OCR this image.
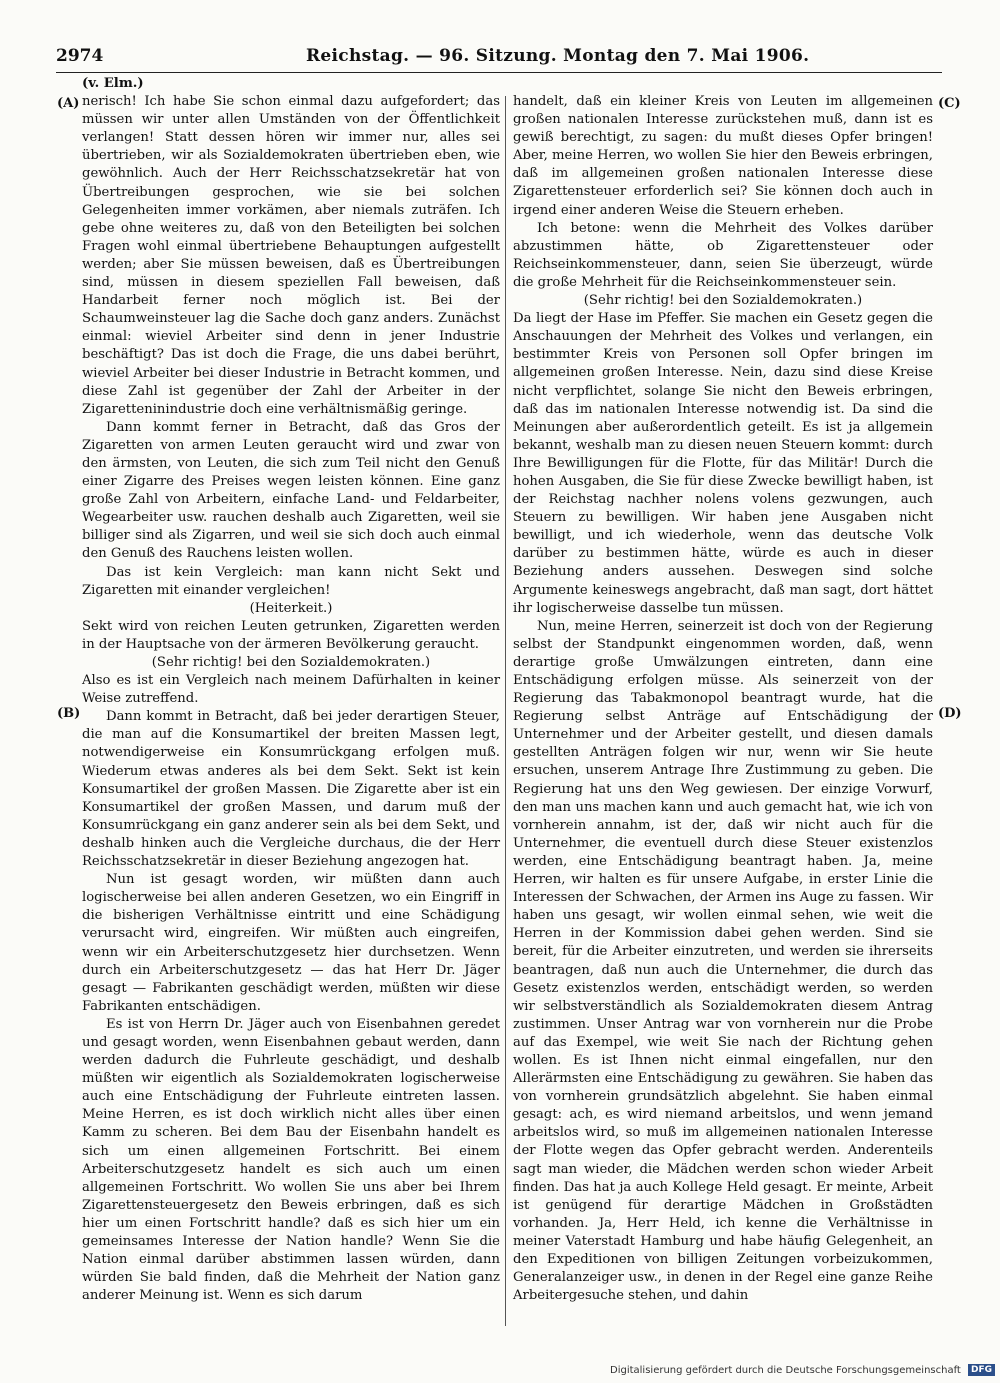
2974	Reichstag. — 96. Sitzung. Montag den 7. Mai 1906.
(A)
(B)
(C)
(D)

(v. Elm.)

nerisch! Ich habe Sie schon einmal dazu aufgefordert; das müssen wir unter allen Umständen von der Öffentlichkeit verlangen! Statt dessen hören wir immer nur, alles sei übertrieben, wir als Sozialdemokraten übertrieben eben, wie gewöhnlich. Auch der Herr Reichsschatzsekretär hat von Übertreibungen gesprochen, wie sie bei solchen Gelegenheiten immer vorkämen, aber niemals zuträfen. Ich gebe ohne weiteres zu, daß von den Beteiligten bei solchen Fragen wohl einmal übertriebene Behauptungen aufgestellt werden; aber Sie müssen beweisen, daß es Übertreibungen sind, müssen in diesem speziellen Fall beweisen, daß Handarbeit ferner noch möglich ist. Bei der Schaumweinsteuer lag die Sache doch ganz anders. Zunächst einmal: wieviel Arbeiter sind denn in jener Industrie beschäftigt? Das ist doch die Frage, die uns dabei berührt, wieviel Arbeiter bei dieser Industrie in Betracht kommen, und diese Zahl ist gegenüber der Zahl der Arbeiter in der Zigaretteninindustrie doch eine verhältnismäßig geringe.

Dann kommt ferner in Betracht, daß das Gros der Zigaretten von armen Leuten geraucht wird und zwar von den ärmsten, von Leuten, die sich zum Teil nicht den Genuß einer Zigarre des Preises wegen leisten können. Eine ganz große Zahl von Arbeitern, einfache Land- und Feldarbeiter, Wegearbeiter usw. rauchen deshalb auch Zigaretten, weil sie billiger sind als Zigarren, und weil sie sich doch auch einmal den Genuß des Rauchens leisten wollen.

Das ist kein Vergleich: man kann nicht Sekt und Zigaretten mit einander vergleichen!

(Heiterkeit.)

Sekt wird von reichen Leuten getrunken, Zigaretten werden in der Hauptsache von der ärmeren Bevölkerung geraucht.

(Sehr richtig! bei den Sozialdemokraten.)

Also es ist ein Vergleich nach meinem Dafürhalten in keiner Weise zutreffend.

Dann kommt in Betracht, daß bei jeder derartigen Steuer, die man auf die Konsumartikel der breiten Massen legt, notwendigerweise ein Konsumrückgang erfolgen muß. Wiederum etwas anderes als bei dem Sekt. Sekt ist kein Konsumartikel der großen Massen. Die Zigarette aber ist ein Konsumartikel der großen Massen, und darum muß der Konsumrückgang ein ganz anderer sein als bei dem Sekt, und deshalb hinken auch die Vergleiche durchaus, die der Herr Reichsschatzsekretär in dieser Beziehung angezogen hat.

Nun ist gesagt worden, wir müßten dann auch logischerweise bei allen anderen Gesetzen, wo ein Eingriff in die bisherigen Verhältnisse eintritt und eine Schädigung verursacht wird, eingreifen. Wir müßten auch eingreifen, wenn wir ein Arbeiterschutzgesetz hier durchsetzen. Wenn durch ein Arbeiterschutzgesetz — das hat Herr Dr. Jäger gesagt — Fabrikanten geschädigt werden, müßten wir diese Fabrikanten entschädigen.

Es ist von Herrn Dr. Jäger auch von Eisenbahnen geredet und gesagt worden, wenn Eisenbahnen gebaut werden, dann werden dadurch die Fuhrleute geschädigt, und deshalb müßten wir eigentlich als Sozialdemokraten logischerweise auch eine Entschädigung der Fuhrleute eintreten lassen. Meine Herren, es ist doch wirklich nicht alles über einen Kamm zu scheren. Bei dem Bau der Eisenbahn handelt es sich um einen allgemeinen Fortschritt. Bei einem Arbeiterschutzgesetz handelt es sich auch um einen allgemeinen Fortschritt. Wo wollen Sie uns aber bei Ihrem Zigarettensteuergesetz den Beweis erbringen, daß es sich hier um einen Fortschritt handle? daß es sich hier um ein gemeinsames Interesse der Nation handle? Wenn Sie die Nation einmal darüber abstimmen lassen würden, dann würden Sie bald finden, daß die Mehrheit der Nation ganz anderer Meinung ist. Wenn es sich darum

handelt, daß ein kleiner Kreis von Leuten im allgemeinen großen nationalen Interesse zurückstehen muß, dann ist es gewiß berechtigt, zu sagen: du mußt dieses Opfer bringen! Aber, meine Herren, wo wollen Sie hier den Beweis erbringen, daß im allgemeinen großen nationalen Interesse diese Zigarettensteuer erforderlich sei? Sie können doch auch in irgend einer anderen Weise die Steuern erheben.

Ich betone: wenn die Mehrheit des Volkes darüber abzustimmen hätte, ob Zigarettensteuer oder Reichseinkommensteuer, dann, seien Sie überzeugt, würde die große Mehrheit für die Reichseinkommensteuer sein.

(Sehr richtig! bei den Sozialdemokraten.)

Da liegt der Hase im Pfeffer. Sie machen ein Gesetz gegen die Anschauungen der Mehrheit des Volkes und verlangen, ein bestimmter Kreis von Personen soll Opfer bringen im allgemeinen großen Interesse. Nein, dazu sind diese Kreise nicht verpflichtet, solange Sie nicht den Beweis erbringen, daß das im nationalen Interesse notwendig ist. Da sind die Meinungen aber außerordentlich geteilt. Es ist ja allgemein bekannt, weshalb man zu diesen neuen Steuern kommt: durch Ihre Bewilligungen für die Flotte, für das Militär! Durch die hohen Ausgaben, die Sie für diese Zwecke bewilligt haben, ist der Reichstag nachher nolens volens gezwungen, auch Steuern zu bewilligen. Wir haben jene Ausgaben nicht bewilligt, und ich wiederhole, wenn das deutsche Volk darüber zu bestimmen hätte, würde es auch in dieser Beziehung anders aussehen. Deswegen sind solche Argumente keineswegs angebracht, daß man sagt, dort hättet ihr logischerweise dasselbe tun müssen.

Nun, meine Herren, seinerzeit ist doch von der Regierung selbst der Standpunkt eingenommen worden, daß, wenn derartige große Umwälzungen eintreten, dann eine Entschädigung erfolgen müsse. Als seinerzeit von der Regierung das Tabakmonopol beantragt wurde, hat die Regierung selbst Anträge auf Entschädigung der Unternehmer und der Arbeiter gestellt, und diesen damals gestellten Anträgen folgen wir nur, wenn wir Sie heute ersuchen, unserem Antrage Ihre Zustimmung zu geben. Die Regierung hat uns den Weg gewiesen. Der einzige Vorwurf, den man uns machen kann und auch gemacht hat, wie ich von vornherein annahm, ist der, daß wir nicht auch für die Unternehmer, die eventuell durch diese Steuer existenzlos werden, eine Entschädigung beantragt haben. Ja, meine Herren, wir halten es für unsere Aufgabe, in erster Linie die Interessen der Schwachen, der Armen ins Auge zu fassen. Wir haben uns gesagt, wir wollen einmal sehen, wie weit die Herren in der Kommission dabei gehen werden. Sind sie bereit, für die Arbeiter einzutreten, und werden sie ihrerseits beantragen, daß nun auch die Unternehmer, die durch das Gesetz existenzlos werden, entschädigt werden, so werden wir selbstverständlich als Sozialdemokraten diesem Antrag zustimmen. Unser Antrag war von vornherein nur die Probe auf das Exempel, wie weit Sie nach der Richtung gehen wollen. Es ist Ihnen nicht einmal eingefallen, nur den Allerärmsten eine Entschädigung zu gewähren. Sie haben das von vornherein grundsätzlich abgelehnt. Sie haben einmal gesagt: ach, es wird niemand arbeitslos, und wenn jemand arbeitslos wird, so muß im allgemeinen nationalen Interesse der Flotte wegen das Opfer gebracht werden. Anderenteils sagt man wieder, die Mädchen werden schon wieder Arbeit finden. Das hat ja auch Kollege Held gesagt. Er meinte, Arbeit ist genügend für derartige Mädchen in Großstädten vorhanden. Ja, Herr Held, ich kenne die Verhältnisse in meiner Vaterstadt Hamburg und habe häufig Gelegenheit, an den Expeditionen von billigen Zeitungen vorbeizukommen, Generalanzeiger usw., in denen in der Regel eine ganze Reihe Arbeitergesuche stehen, und dahin

Digitalisierung gefördert durch die Deutsche Forschungsgemeinschaft DFG
